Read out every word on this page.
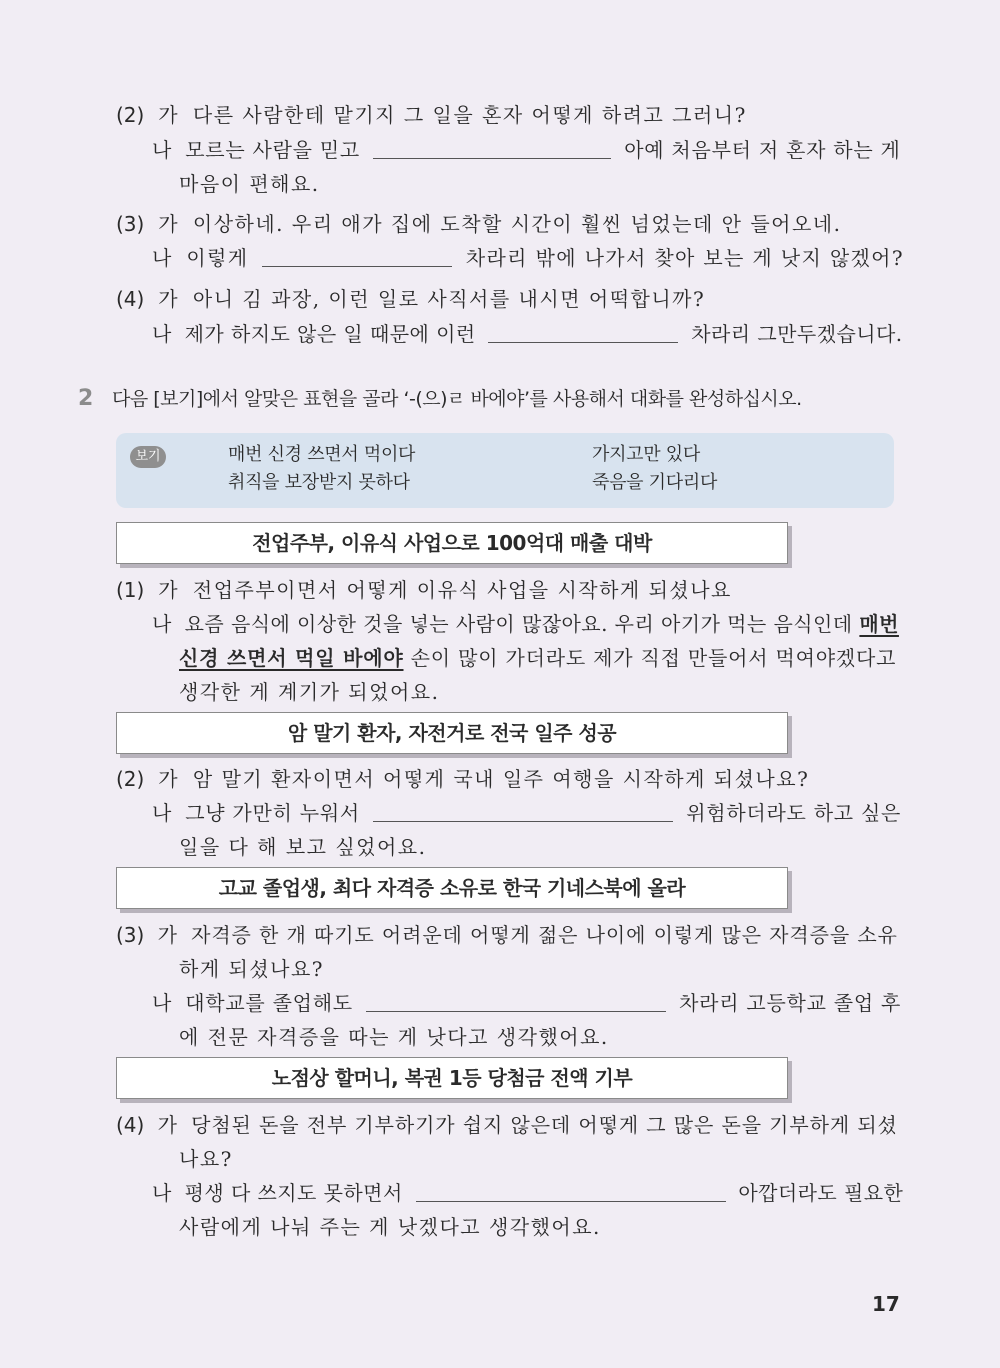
(2) 가 다른 사람한테 맡기지 그 일을 혼자 어떻게 하려고 그러니?
나 모르는 사람을 믿고	아예 처음부터 저 혼자 하는 게
마음이 편해요.
(3) 가 이상하네. 우리 애가 집에 도착할 시간이 훨씬 넘었는데 안 들어오네.
나 이렇게	차라리 밖에 나가서 찾아 보는 게 낫지 않겠어?
(4) 가 아니 김 과장, 이런 일로 사직서를 내시면 어떡합니까?
나 제가 하지도 않은 일 때문에 이런	차라리 그만두겠습니다.
2 다음 [보기]에서 알맞은 표현을 골라 ‘-(으)ㄹ 바에야’를 사용해서 대화를 완성하십시오.
보기	매번 신경 쓰면서 먹이다	가지고만 있다
취직을 보장받지 못하다	죽음을 기다리다
전업주부, 이유식 사업으로 100억대 매출 대박
(1) 가 전업주부이면서 어떻게 이유식 사업을 시작하게 되셨나요
나 요즘 음식에 이상한 것을 넣는 사람이 많잖아요. 우리 아기가 먹는 음식인데 매번
신경 쓰면서 먹일 바에야 손이 많이 가더라도 제가 직접 만들어서 먹여야겠다고
생각한 게 계기가 되었어요.
암 말기 환자, 자전거로 전국 일주 성공
(2) 가 암 말기 환자이면서 어떻게 국내 일주 여행을 시작하게 되셨나요?
나 그냥 가만히 누워서	위험하더라도 하고 싶은
일을 다 해 보고 싶었어요.
고교 졸업생, 최다 자격증 소유로 한국 기네스북에 올라
(3) 가 자격증 한 개 따기도 어려운데 어떻게 젊은 나이에 이렇게 많은 자격증을 소유
하게 되셨나요?
나 대학교를 졸업해도	차라리 고등학교 졸업 후
에 전문 자격증을 따는 게 낫다고 생각했어요.
노점상 할머니, 복권 1등 당첨금 전액 기부
(4) 가 당첨된 돈을 전부 기부하기가 쉽지 않은데 어떻게 그 많은 돈을 기부하게 되셨
나요?
나 평생 다 쓰지도 못하면서	아깝더라도 필요한
사람에게 나눠 주는 게 낫겠다고 생각했어요.
17
